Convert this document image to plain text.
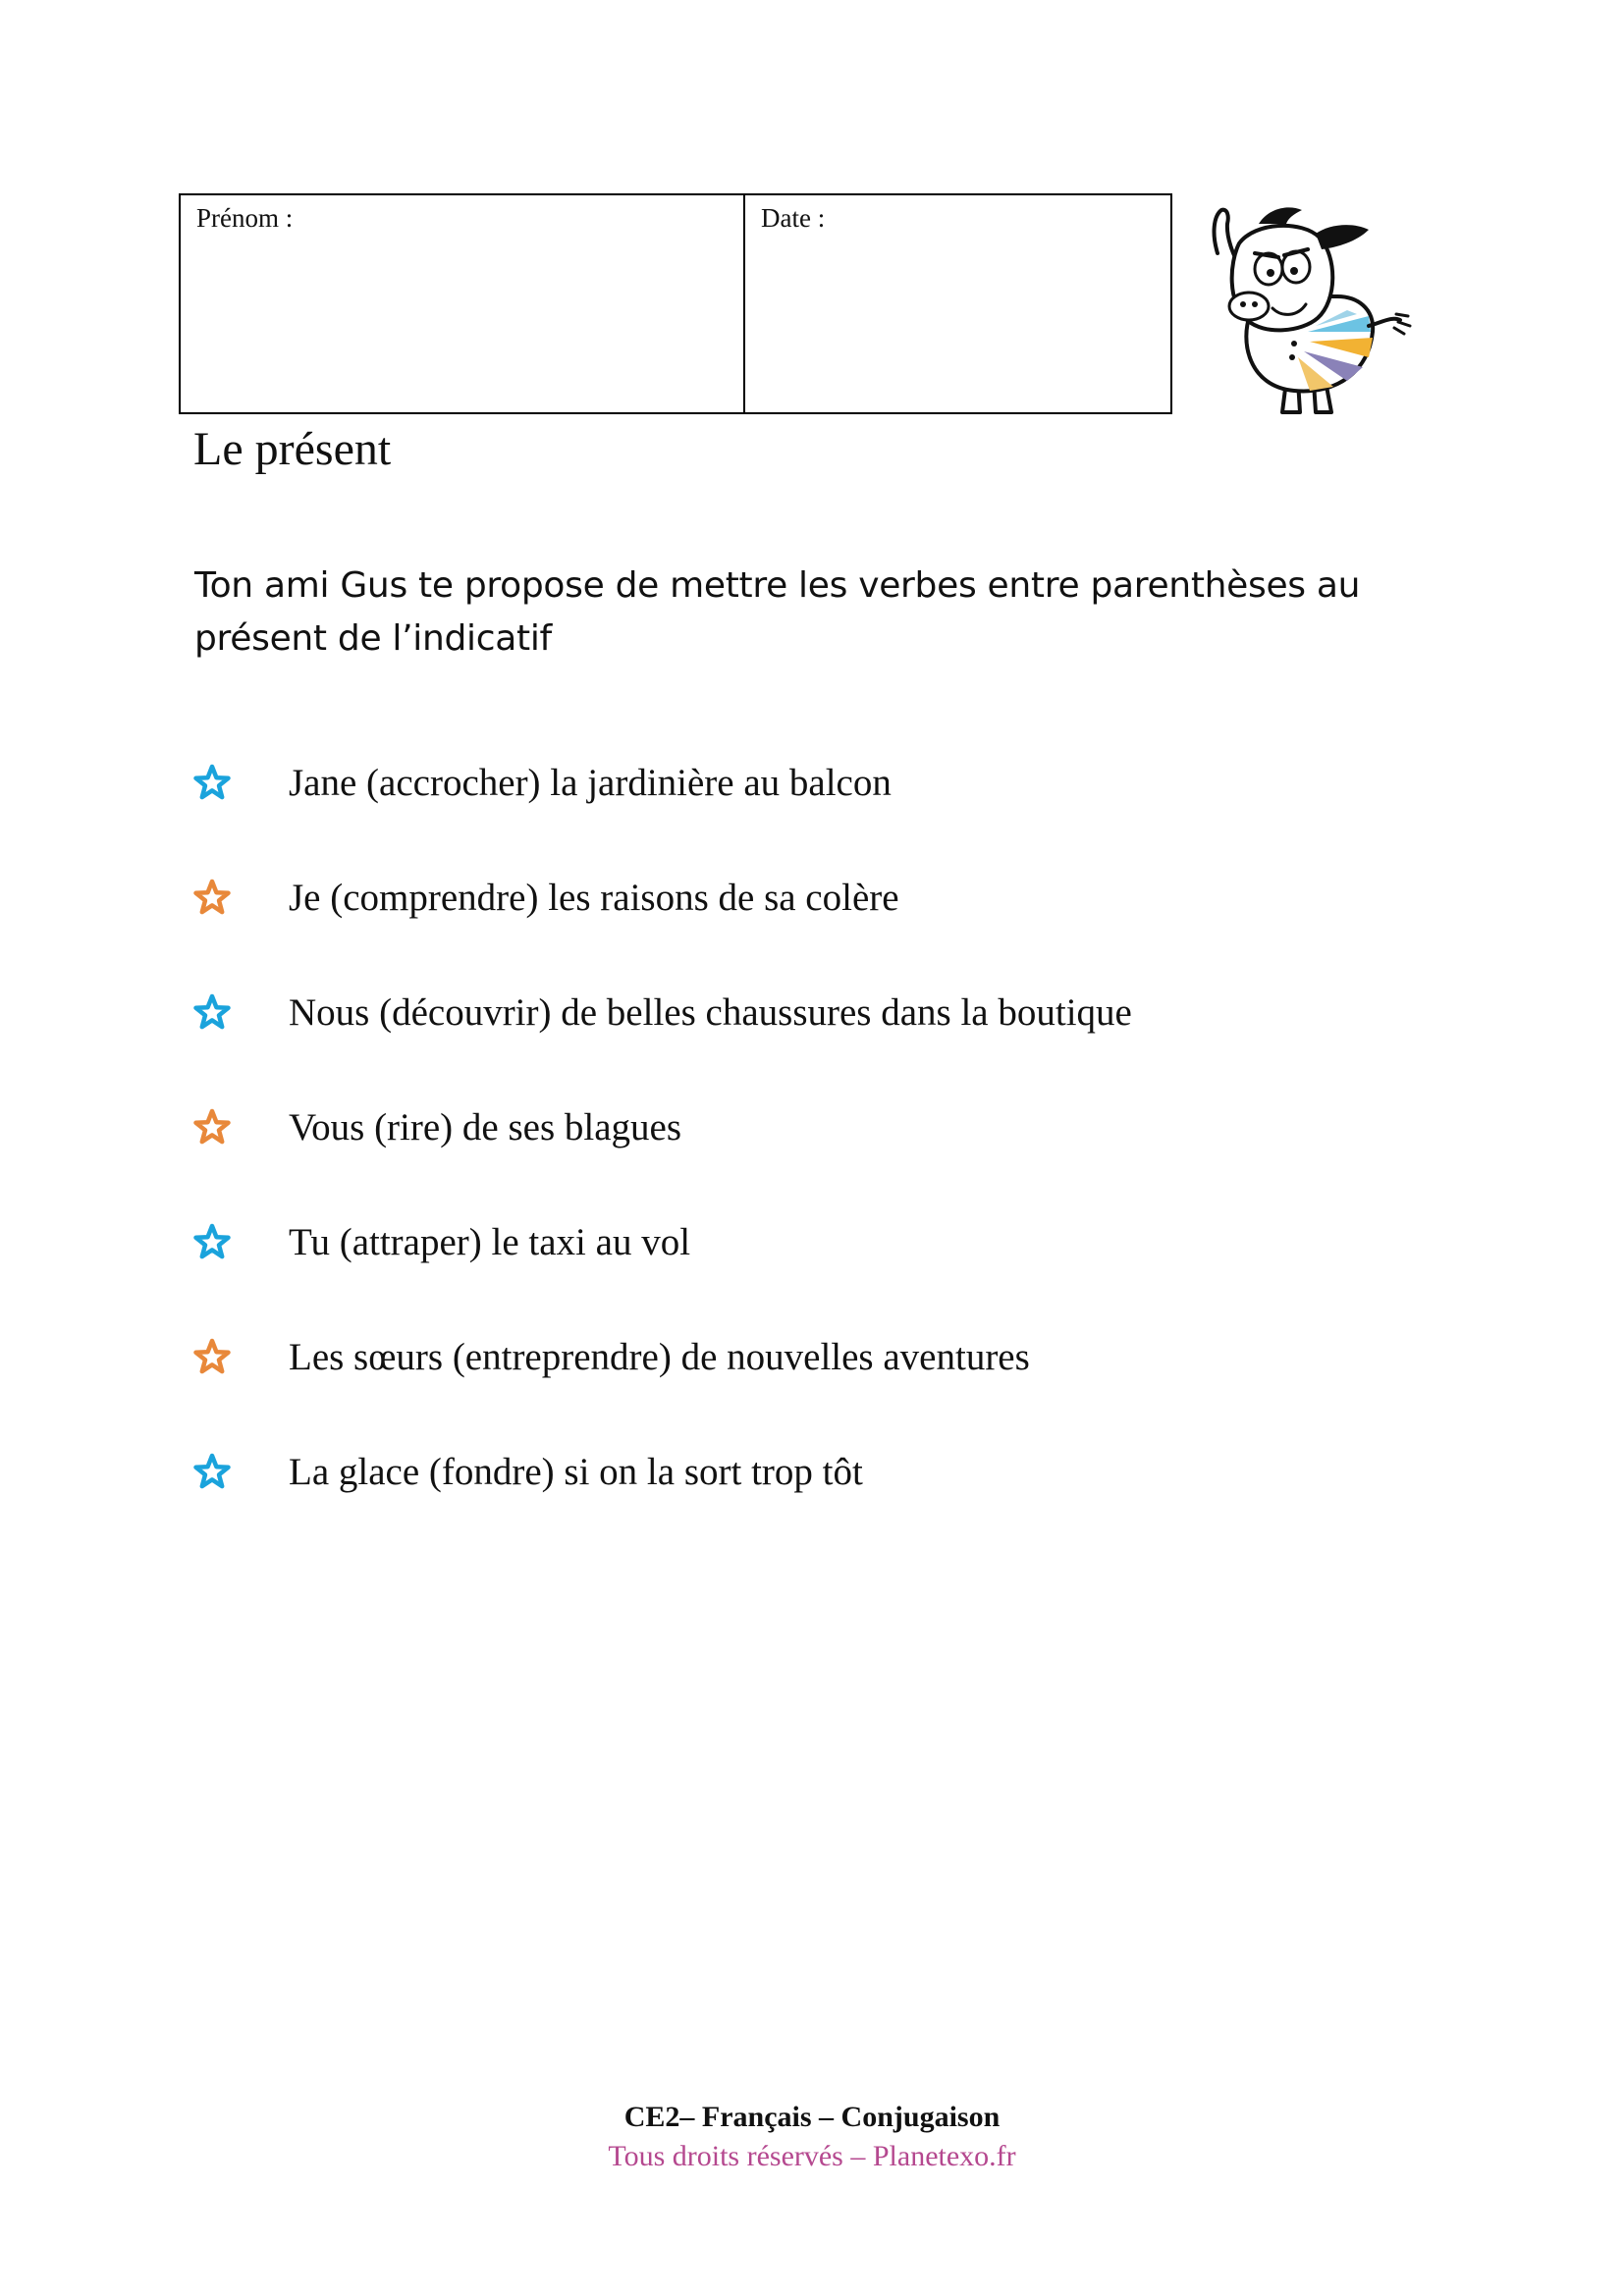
Prénom :	Date :
Le présent

Ton ami Gus te propose de mettre les verbes entre parenthèses au présent de l’indicatif

Jane (accrocher) la jardinière au balcon
Je (comprendre) les raisons de sa colère
Nous (découvrir) de belles chaussures dans la boutique
Vous (rire) de ses blagues
Tu (attraper) le taxi au vol
Les sœurs (entreprendre) de nouvelles aventures
La glace (fondre) si on la sort trop tôt
CE2– Français – Conjugaison
Tous droits réservés – Planetexo.fr
